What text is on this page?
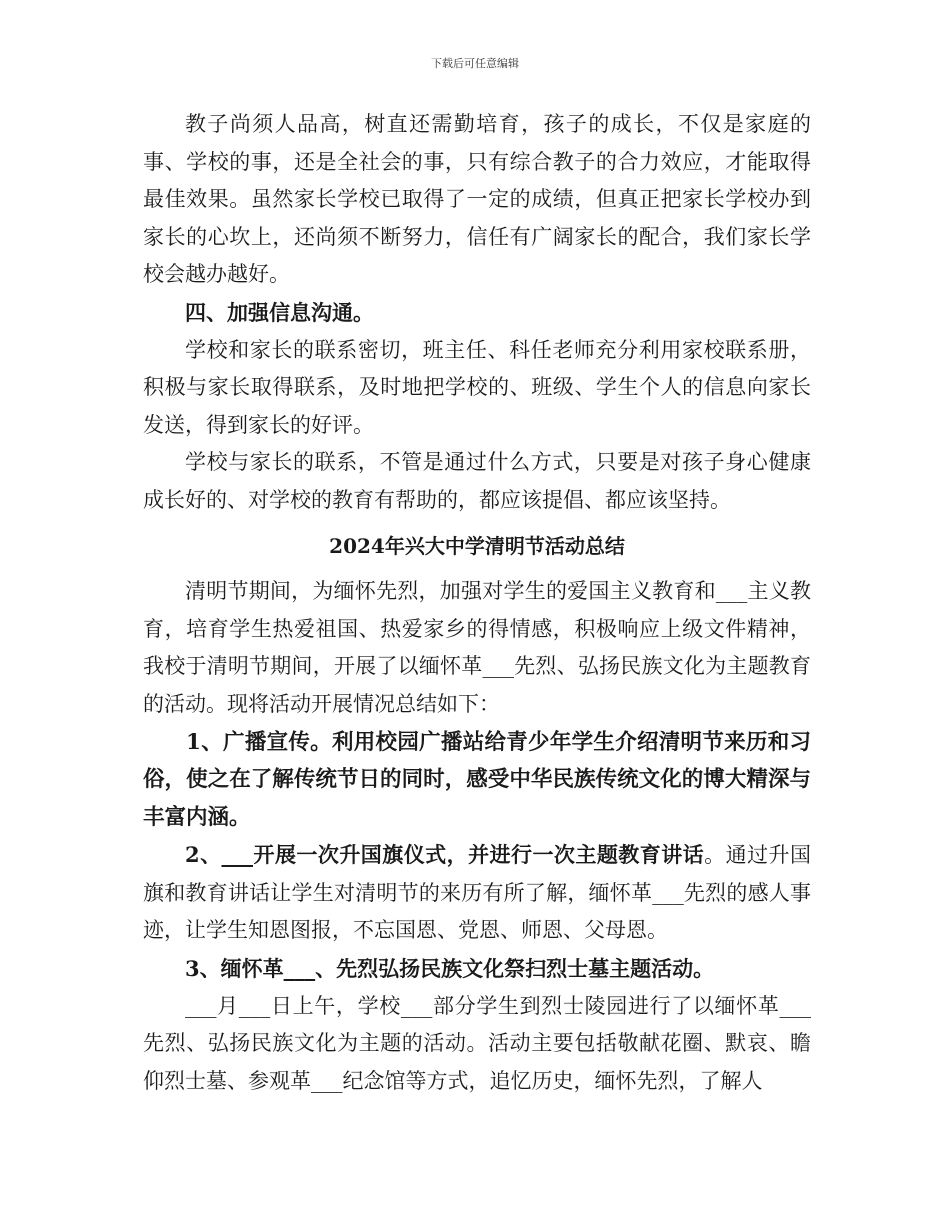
下载后可任意编辑

教子尚须人品高，树直还需勤培育，孩子的成长，不仅是家庭的事、学校的事，还是全社会的事，只有综合教子的合力效应，才能取得最佳效果。虽然家长学校已取得了一定的成绩，但真正把家长学校办到家长的心坎上，还尚须不断努力，信任有广阔家长的配合，我们家长学校会越办越好。

四、加强信息沟通。

学校和家长的联系密切，班主任、科任老师充分利用家校联系册，积极与家长取得联系，及时地把学校的、班级、学生个人的信息向家长发送，得到家长的好评。

学校与家长的联系，不管是通过什么方式，只要是对孩子身心健康成长好的、对学校的教育有帮助的，都应该提倡、都应该坚持。

2024年兴大中学清明节活动总结

清明节期间，为缅怀先烈，加强对学生的爱国主义教育和___主义教育，培育学生热爱祖国、热爱家乡的得情感，积极响应上级文件精神，我校于清明节期间，开展了以缅怀革___先烈、弘扬民族文化为主题教育的活动。现将活动开展情况总结如下：

1、广播宣传。利用校园广播站给青少年学生介绍清明节来历和习俗，使之在了解传统节日的同时，感受中华民族传统文化的博大精深与丰富内涵。

2、___开展一次升国旗仪式，并进行一次主题教育讲话。通过升国旗和教育讲话让学生对清明节的来历有所了解，缅怀革___先烈的感人事迹，让学生知恩图报，不忘国恩、党恩、师恩、父母恩。

3、缅怀革___、先烈弘扬民族文化祭扫烈士墓主题活动。

___月___日上午，学校___部分学生到烈士陵园进行了以缅怀革___先烈、弘扬民族文化为主题的活动。活动主要包括敬献花圈、默哀、瞻仰烈士墓、参观革___纪念馆等方式，追忆历史，缅怀先烈，了解人
